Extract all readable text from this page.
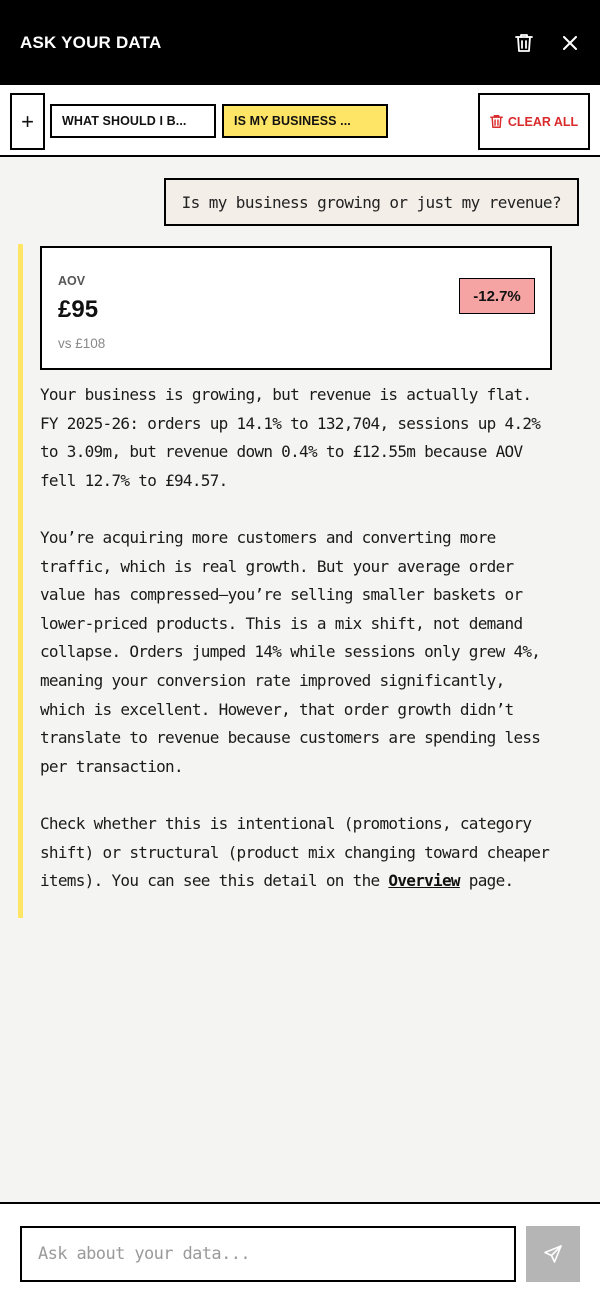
ASK YOUR DATA
+	WHAT SHOULD I B...	IS MY BUSINESS ...	CLEAR ALL
Is my business growing or just my revenue?
AOV
£95
vs £108
-12.7%

Your business is growing, but revenue is actually flat. FY 2025-26: orders up 14.1% to 132,704, sessions up 4.2% to 3.09m, but revenue down 0.4% to £12.55m because AOV fell 12.7% to £94.57.

You’re acquiring more customers and converting more traffic, which is real growth. But your average order value has compressed—you’re selling smaller baskets or lower-priced products. This is a mix shift, not demand collapse. Orders jumped 14% while sessions only grew 4%, meaning your conversion rate improved significantly, which is excellent. However, that order growth didn’t translate to revenue because customers are spending less per transaction.

Check whether this is intentional (promotions, category shift) or structural (product mix changing toward cheaper items). You can see this detail on the Overview page.

Ask about your data...
